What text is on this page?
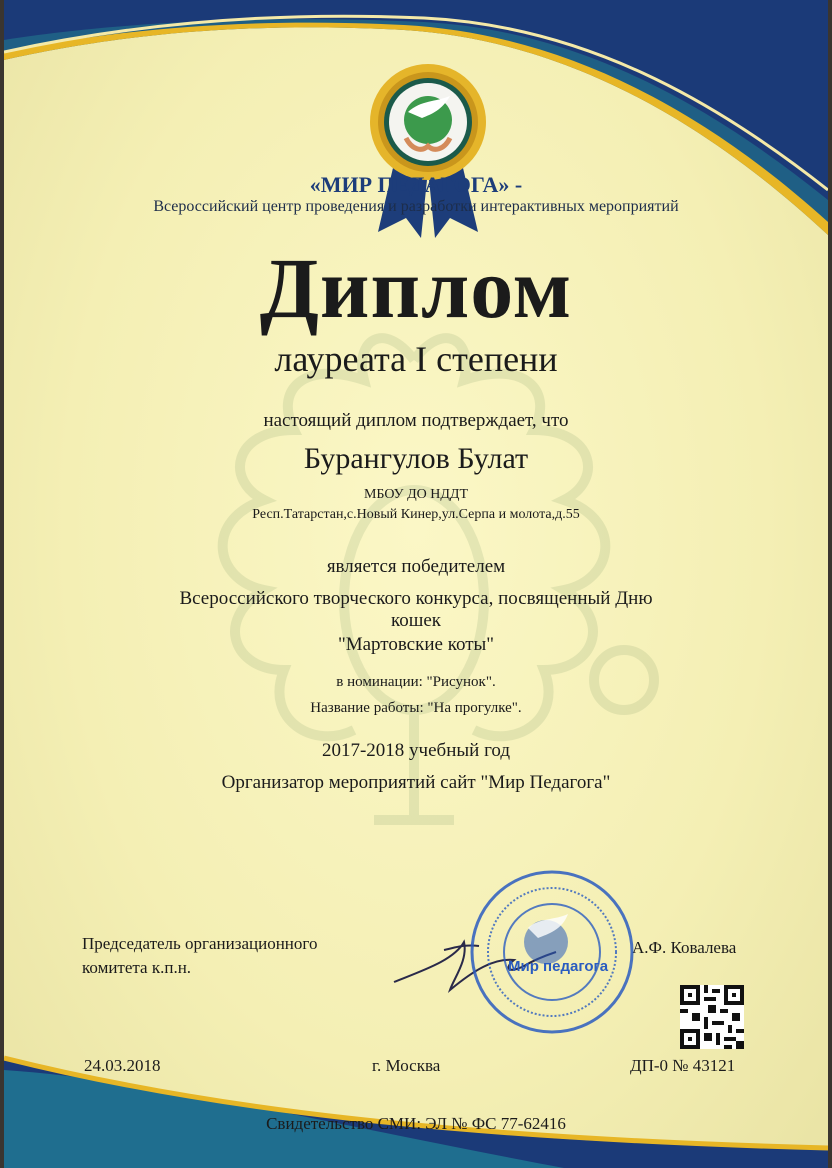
«МИР ПЕДАГОГА» -
Всероссийский центр проведения и разработки интерактивных мероприятий
Диплом
лауреата I степени
настоящий диплом подтверждает, что
Бурангулов Булат
МБОУ ДО НДДТ
Респ.Татарстан,с.Новый Кинер,ул.Серпа и молота,д.55
является победителем
Всероссийского творческого конкурса, посвященный Дню
кошек
"Мартовские коты"
в номинации: "Рисунок".
Название работы: "На прогулке".
2017-2018 учебный год
Организатор мероприятий сайт "Мир Педагога"
Председатель организационного
комитета к.п.н.
А.Ф. Ковалева
Мир педагога
24.03.2018	г. Москва	ДП-0 № 43121
Свидетельство СМИ: ЭЛ № ФС 77-62416
